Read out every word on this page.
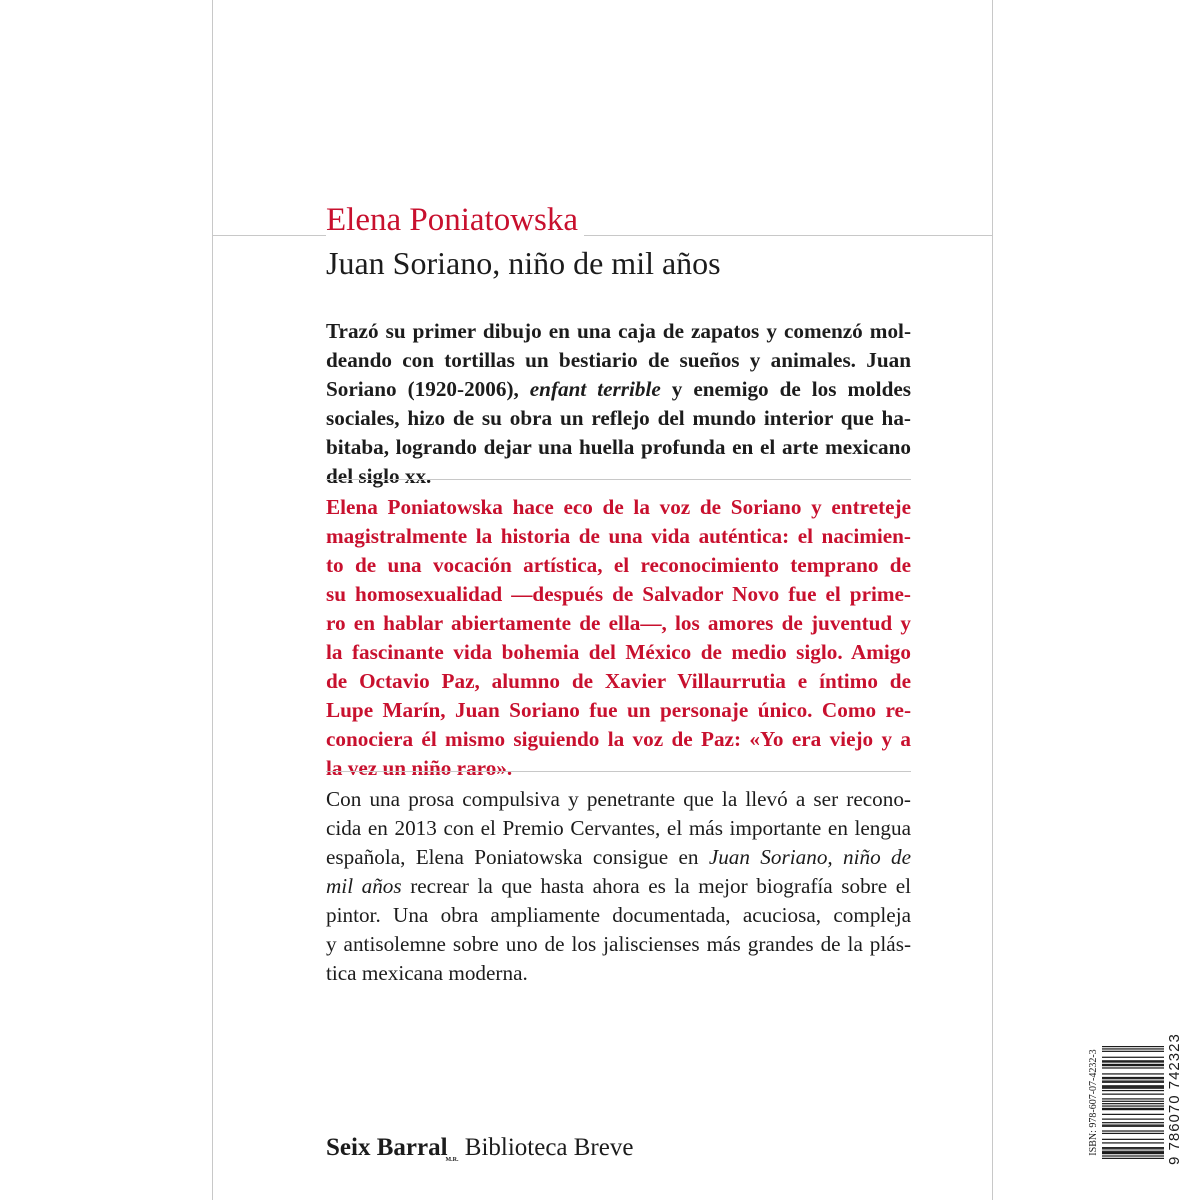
Elena Poniatowska
Juan Soriano, niño de mil años

Trazó su primer dibujo en una caja de zapatos y comenzó mol-
deando con tortillas un bestiario de sueños y animales. Juan
Soriano (1920-2006), enfant terrible y enemigo de los moldes
sociales, hizo de su obra un reflejo del mundo interior que ha-
bitaba, logrando dejar una huella profunda en el arte mexicano
del siglo xx.

Elena Poniatowska hace eco de la voz de Soriano y entreteje
magistralmente la historia de una vida auténtica: el nacimien-
to de una vocación artística, el reconocimiento temprano de
su homosexualidad —después de Salvador Novo fue el prime-
ro en hablar abiertamente de ella—, los amores de juventud y
la fascinante vida bohemia del México de medio siglo. Amigo
de Octavio Paz, alumno de Xavier Villaurrutia e íntimo de
Lupe Marín, Juan Soriano fue un personaje único. Como re-
conociera él mismo siguiendo la voz de Paz: «Yo era viejo y a
la vez un niño raro».

Con una prosa compulsiva y penetrante que la llevó a ser recono-
cida en 2013 con el Premio Cervantes, el más importante en lengua
española, Elena Poniatowska consigue en Juan Soriano, niño de
mil años recrear la que hasta ahora es la mejor biografía sobre el
pintor. Una obra ampliamente documentada, acuciosa, compleja
y antisolemne sobre uno de los jaliscienses más grandes de la plás-
tica mexicana moderna.

Seix Barral$_{M.R.}$ Biblioteca Breve	ISBN: 978-607-07-4232-3	9 786070 742323
